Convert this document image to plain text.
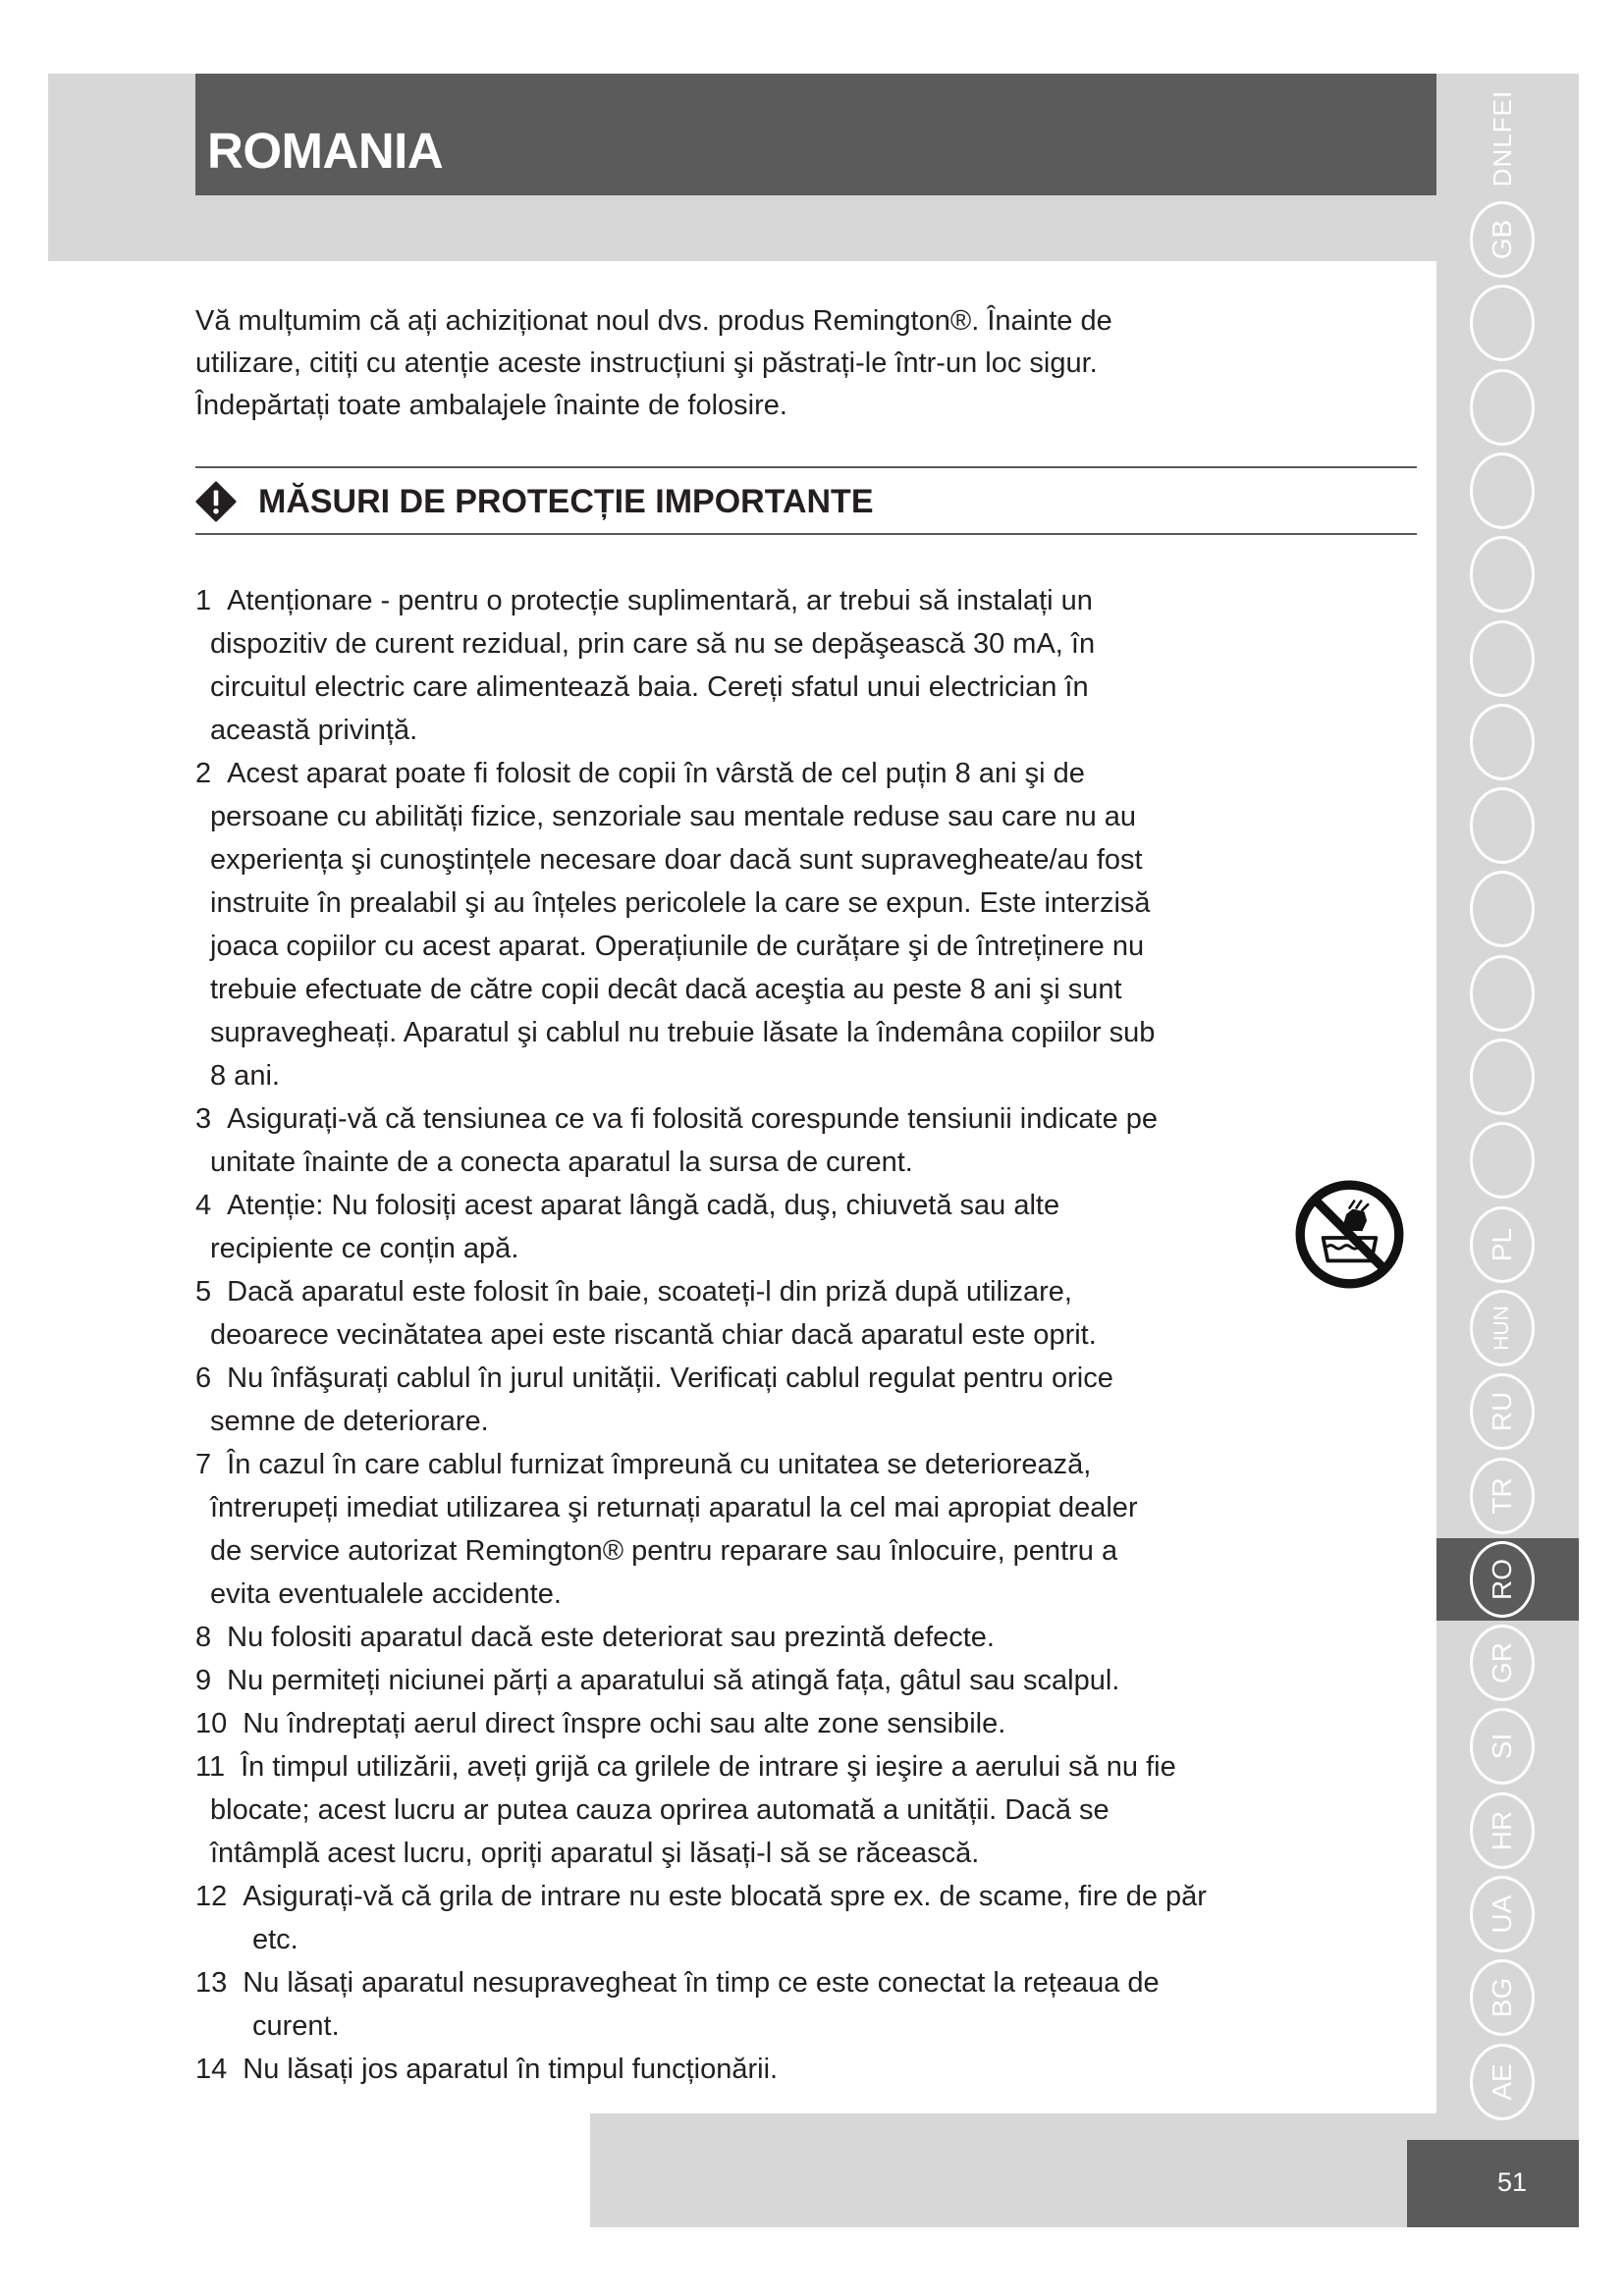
ROMANIA
51
GB
PL
HUN
RU
TR
RO
GR
SI
HR
UA
BG
AE
DNLFEI
Vă mulțumim că ați achiziționat noul dvs. produs Remington®. Înainte de
utilizare, citiți cu atenție aceste instrucțiuni şi păstrați-le într-un loc sigur.
Îndepărtați toate ambalajele înainte de folosire.
MĂSURI DE PROTECȚIE IMPORTANTE
1 Atenționare - pentru o protecție suplimentară, ar trebui să instalați un
dispozitiv de curent rezidual, prin care să nu se depăşească 30 mA, în
circuitul electric care alimentează baia. Cereți sfatul unui electrician în
această privință.
2 Acest aparat poate fi folosit de copii în vârstă de cel puțin 8 ani şi de
persoane cu abilități fizice, senzoriale sau mentale reduse sau care nu au
experiența şi cunoştințele necesare doar dacă sunt supravegheate/au fost
instruite în prealabil şi au înțeles pericolele la care se expun. Este interzisă
joaca copiilor cu acest aparat. Operațiunile de curățare şi de întreținere nu
trebuie efectuate de către copii decât dacă aceştia au peste 8 ani şi sunt
supravegheați. Aparatul şi cablul nu trebuie lăsate la îndemâna copiilor sub
8 ani.
3 Asigurați-vă că tensiunea ce va fi folosită corespunde tensiunii indicate pe
unitate înainte de a conecta aparatul la sursa de curent.
4 Atenție: Nu folosiți acest aparat lângă cadă, duş, chiuvetă sau alte
recipiente ce conțin apă.
5 Dacă aparatul este folosit în baie, scoateți-l din priză după utilizare,
deoarece vecinătatea apei este riscantă chiar dacă aparatul este oprit.
6 Nu înfăşurați cablul în jurul unității. Verificați cablul regulat pentru orice
semne de deteriorare.
7 În cazul în care cablul furnizat împreună cu unitatea se deteriorează,
întrerupeți imediat utilizarea şi returnați aparatul la cel mai apropiat dealer
de service autorizat Remington® pentru reparare sau înlocuire, pentru a
evita eventualele accidente.
8 Nu folositi aparatul dacă este deteriorat sau prezintă defecte.
9 Nu permiteți niciunei părți a aparatului să atingă fața, gâtul sau scalpul.
10 Nu îndreptați aerul direct înspre ochi sau alte zone sensibile.
11 În timpul utilizării, aveți grijă ca grilele de intrare şi ieşire a aerului să nu fie
blocate; acest lucru ar putea cauza oprirea automată a unității. Dacă se
întâmplă acest lucru, opriți aparatul şi lăsați-l să se răcească.
12 Asigurați-vă că grila de intrare nu este blocată spre ex. de scame, fire de păr
etc.
13 Nu lăsați aparatul nesupravegheat în timp ce este conectat la rețeaua de
curent.
14 Nu lăsați jos aparatul în timpul funcționării.
